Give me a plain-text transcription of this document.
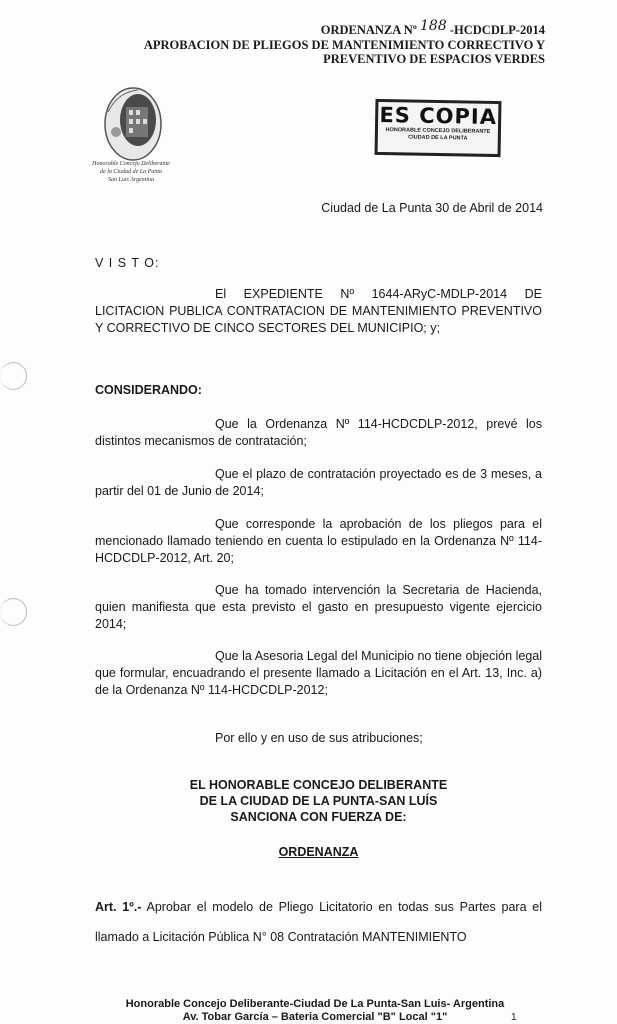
ORDENANZA Nº 188 -HCDCDLP-2014
APROBACION DE PLIEGOS DE MANTENIMIENTO CORRECTIVO Y
PREVENTIVO DE ESPACIOS VERDES
Honorable Concejo Deliberante
de la Ciudad de La Punta
San Luis Argentina
ES COPIA
HONORABLE CONCEJO DELIBERANTE
CIUDAD DE LA PUNTA
Ciudad de La Punta 30 de Abril de 2014
V I S T O:
El EXPEDIENTE Nº 1644-ARyC-MDLP-2014 DE LICITACION PUBLICA CONTRATACION DE MANTENIMIENTO PREVENTIVO Y CORRECTIVO DE CINCO SECTORES DEL MUNICIPIO; y;
CONSIDERANDO:
Que la Ordenanza Nº 114-HCDCDLP-2012, prevé los distintos mecanismos de contratación;
Que el plazo de contratación proyectado es de 3 meses, a partir del 01 de Junio de 2014;
Que corresponde la aprobación de los pliegos para el mencionado llamado teniendo en cuenta lo estipulado en la Ordenanza Nº 114-HCDCDLP-2012, Art. 20;
Que ha tomado intervención la Secretaria de Hacienda, quien manifiesta que esta previsto el gasto en presupuesto vigente ejercicio 2014;
Que la Asesoria Legal del Municipio no tiene objeción legal que formular, encuadrando el presente llamado a Licitación en el Art. 13, Inc. a) de la Ordenanza Nº 114-HCDCDLP-2012;
Por ello y en uso de sus atribuciones;
EL HONORABLE CONCEJO DELIBERANTE
DE LA CIUDAD DE LA PUNTA-SAN LUÍS
SANCIONA CON FUERZA DE:
ORDENANZA
Art. 1º.- Aprobar el modelo de Pliego Licitatorio en todas sus Partes para el llamado a Licitación Pública N° 08 Contratación MANTENIMIENTO
Honorable Concejo Deliberante-Ciudad De La Punta-San Luis- Argentina
Av. Tobar García – Bateria Comercial "B" Local "1"	1
